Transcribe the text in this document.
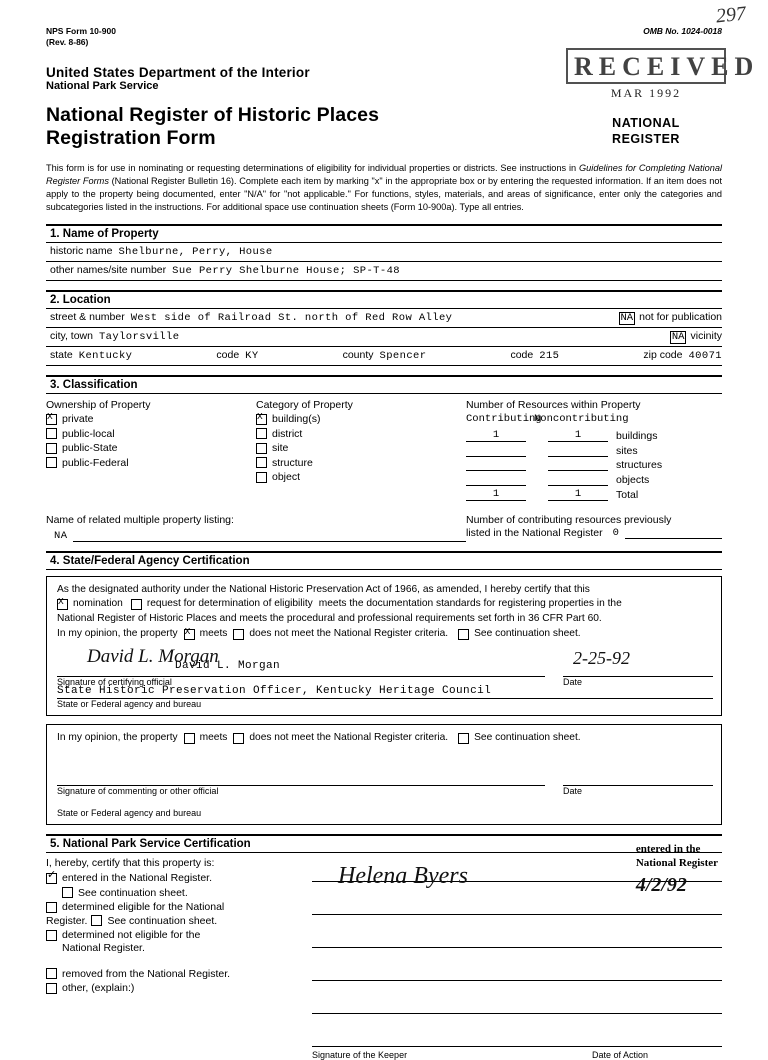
297
NPS Form 10-900
(Rev. 8-86)
OMB No. 1024-0018
United States Department of the Interior
National Park Service
National Register of Historic Places
Registration Form
This form is for use in nominating or requesting determinations of eligibility for individual properties or districts. See instructions in Guidelines for Completing National Register Forms (National Register Bulletin 16). Complete each item by marking "x" in the appropriate box or by entering the requested information. If an item does not apply to the property being documented, enter "N/A" for "not applicable." For functions, styles, materials, and areas of significance, enter only the categories and subcategories listed in the instructions. For additional space use continuation sheets (Form 10-900a). Type all entries.
1. Name of Property
historic name Shelburne, Perry, House
other names/site number Sue Perry Shelburne House; SP-T-48
2. Location
street & number West side of Railroad St. north of Red Row Alley	NA not for publication
city, town Taylorsville	NA vicinity
state Kentucky	code KY	county Spencer	code 215	zip code 40071
3. Classification
Ownership of Property
X
private
public-local
public-State
public-Federal
Category of Property
X
building(s)
district
site
structure
object
Number of Resources within Property
Contributing
Noncontributing
1	1	buildings
sites
structures
objects
1	1	Total
Name of related multiple property listing:
NA
Number of contributing resources previously
listed in the National Register 0
4. State/Federal Agency Certification
As the designated authority under the National Historic Preservation Act of 1966, as amended, I hereby certify that this
X
nomination request for determination of eligibility meets the documentation standards for registering properties in the
National Register of Historic Places and meets the procedural and professional requirements set forth in 36 CFR Part 60.
In my opinion, the property X meets does not meet the National Register criteria.	See continuation sheet.
Signature of certifying official
David L. Morgan
David L. Morgan
Date
2-25-92
State Historic Preservation Officer, Kentucky Heritage Council
State or Federal agency and bureau
In my opinion, the property meets does not meet the National Register criteria.	See continuation sheet.
Signature of commenting or other official	Date
State or Federal agency and bureau
5. National Park Service Certification
I, hereby, certify that this property is:
✓
entered in the National Register.
See continuation sheet.
determined eligible for the National
Register. See continuation sheet.
determined not eligible for the
National Register.
removed from the National Register.
other, (explain:)
Helena Byers
entered in the
National Register
4/2/92
Signature of the Keeper	Date of Action
RECEIVED
MAR 1992
NATIONAL
REGISTER
